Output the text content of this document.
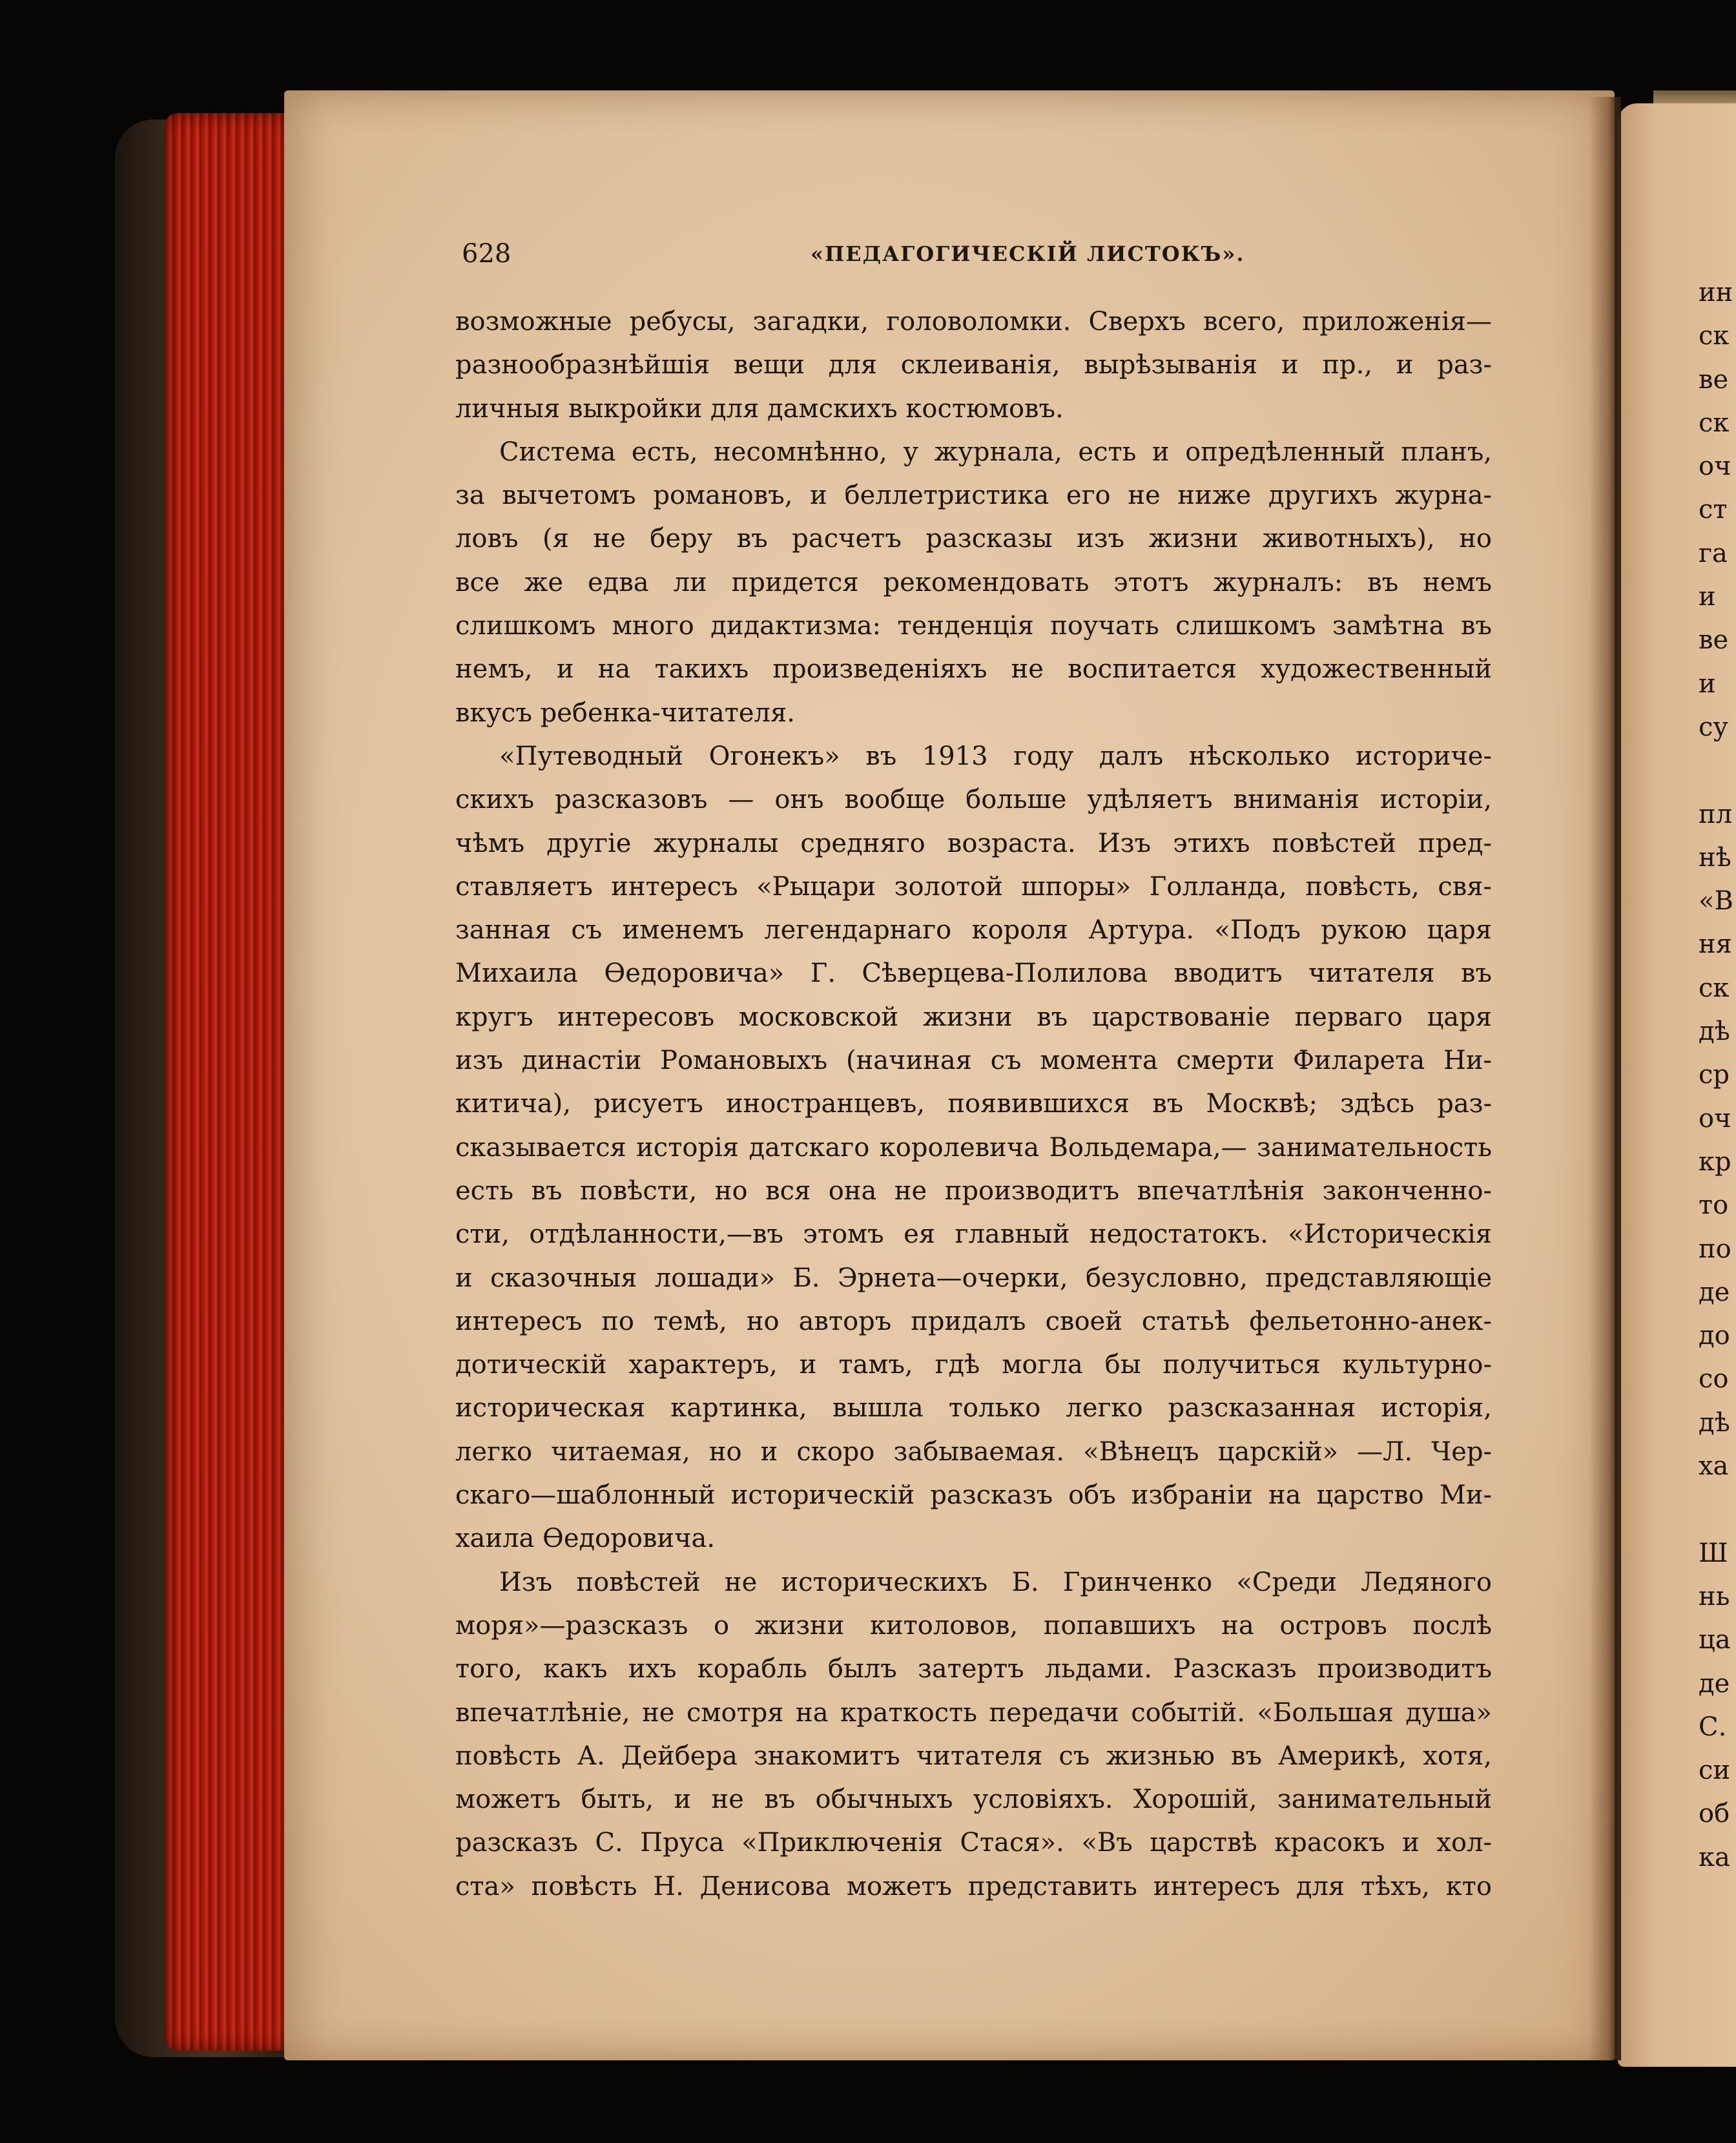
628	«ПЕДАГОГИЧЕСКІЙ ЛИСТОКЪ».
возможные ребусы, загадки, головоломки. Сверхъ всего, приложенія—
разнообразнѣйшія вещи для склеиванія, вырѣзыванія и пр., и раз-
личныя выкройки для дамскихъ костюмовъ.
Система есть, несомнѣнно, у журнала, есть и опредѣленный планъ,
за вычетомъ романовъ, и беллетристика его не ниже другихъ журна-
ловъ (я не беру въ расчетъ разсказы изъ жизни животныхъ), но
все же едва ли придется рекомендовать этотъ журналъ: въ немъ
слишкомъ много дидактизма: тенденція поучать слишкомъ замѣтна въ
немъ, и на такихъ произведеніяхъ не воспитается художественный
вкусъ ребенка-читателя.
«Путеводный Огонекъ» въ 1913 году далъ нѣсколько историче-
скихъ разсказовъ — онъ вообще больше удѣляетъ вниманія исторіи,
чѣмъ другіе журналы средняго возраста. Изъ этихъ повѣстей пред-
ставляетъ интересъ «Рыцари золотой шпоры» Голланда, повѣсть, свя-
занная съ именемъ легендарнаго короля Артура. «Подъ рукою царя
Михаила Ѳедоровича» Г. Сѣверцева-Полилова вводитъ читателя въ
кругъ интересовъ московской жизни въ царствованіе перваго царя
изъ династіи Романовыхъ (начиная съ момента смерти Филарета Ни-
китича), рисуетъ иностранцевъ, появившихся въ Москвѣ; здѣсь раз-
сказывается исторія датскаго королевича Вольдемара,— занимательность
есть въ повѣсти, но вся она не производитъ впечатлѣнія законченно-
сти, отдѣланности,—въ этомъ ея главный недостатокъ. «Историческія
и сказочныя лошади» Б. Эрнета—очерки, безусловно, представляющіе
интересъ по темѣ, но авторъ придалъ своей статьѣ фельетонно-анек-
дотическій характеръ, и тамъ, гдѣ могла бы получиться культурно-
историческая картинка, вышла только легко разсказанная исторія,
легко читаемая, но и скоро забываемая. «Вѣнецъ царскій» —Л. Чер-
скаго—шаблонный историческій разсказъ объ избраніи на царство Ми-
хаила Ѳедоровича.
Изъ повѣстей не историческихъ Б. Гринченко «Среди Ледяного
моря»—разсказъ о жизни китоловов, попавшихъ на островъ послѣ
того, какъ ихъ корабль былъ затертъ льдами. Разсказъ производитъ
впечатлѣніе, не смотря на краткость передачи событій. «Большая душа»
повѣсть А. Дейбера знакомитъ читателя съ жизнью въ Америкѣ, хотя,
можетъ быть, и не въ обычныхъ условіяхъ. Хорошій, занимательный
разсказъ С. Пруса «Приключенія Стася». «Въ царствѣ красокъ и хол-
ста» повѣсть Н. Денисова можетъ представить интересъ для тѣхъ, кто
ин
ск
ве
ск
оч
ст
га
и
ве
и
су
пл
нѣ
«В
ня
ск
дѣ
ср
оч
кр
то
по
де
до
со
дѣ
ха
Ш
нь
ца
де
С.
си
об
ка
